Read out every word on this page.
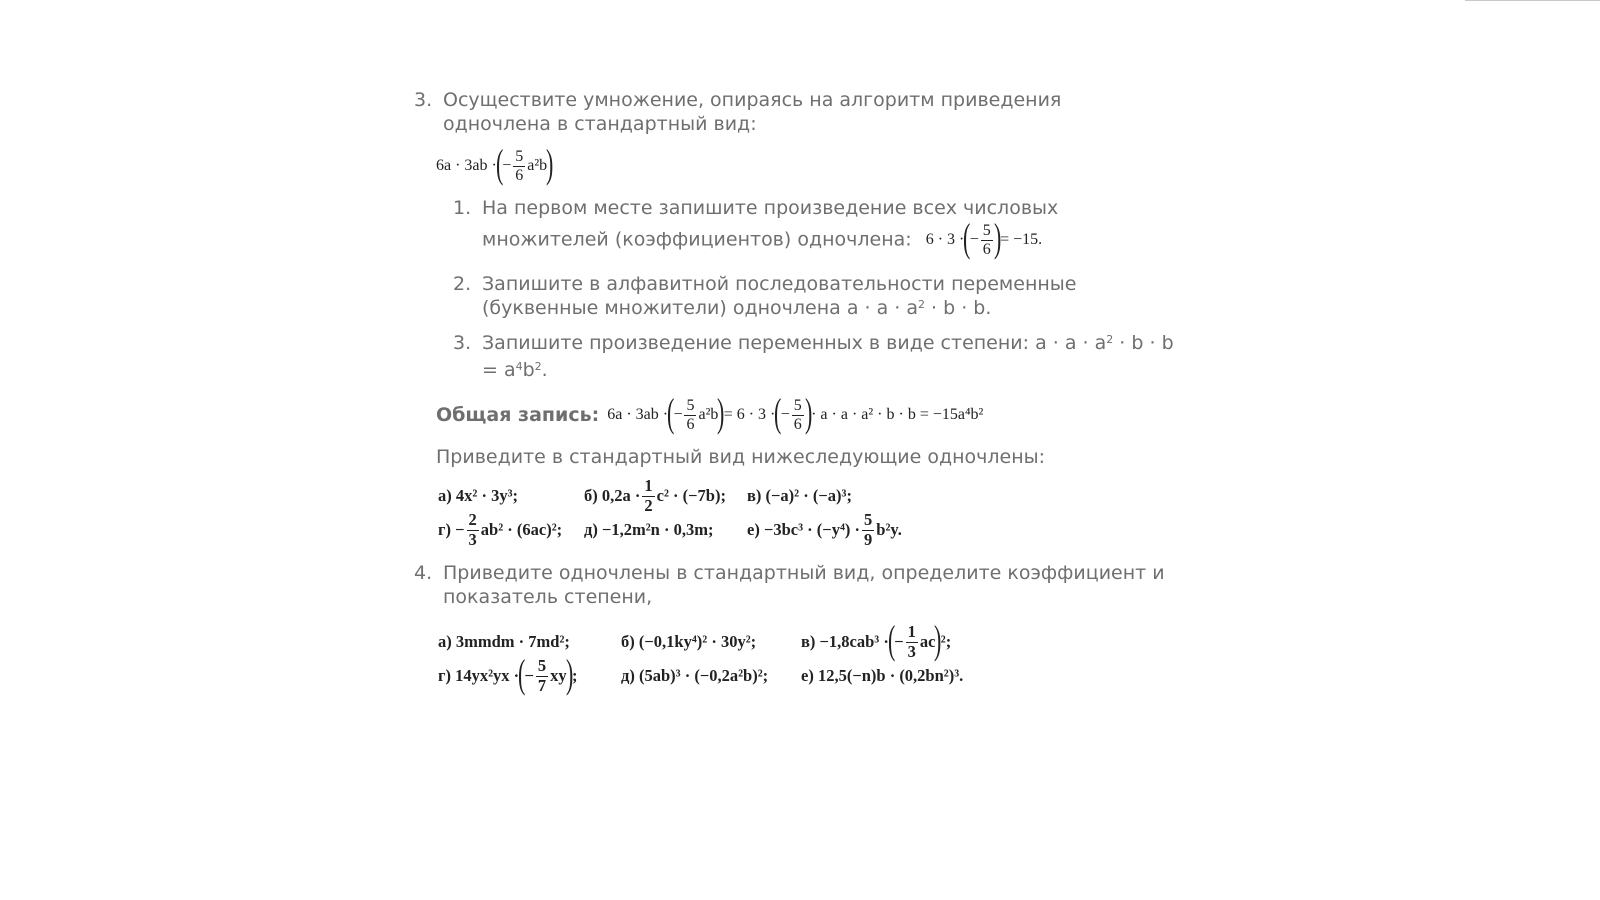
3. Осуществите умножение, опираясь на алгоритм приведения одночлена в стандартный вид:
6a · 3ab ·
(
− $\frac{5}{6} a^2b$
)
1. На первом месте запишите произведение всех числовых множителей (коэффициентов) одночлена: 6 · 3 ·
(
− $\frac{5}{6}$ )
= −15.
2. Запишите в алфавитной последовательности переменные (буквенные множители) одночлена $a \cdot a \cdot a^2 \cdot b \cdot b$.
3. Запишите произведение переменных в виде степени: $a \cdot a \cdot a^2 \cdot b \cdot b = a^4b^2$.
Общая запись: 6a · 3ab ·
(
− $\frac{5}{6} a^2b$
)
= 6 · 3 ·
(
− $\frac{5}{6}$ )
· a · a · a² · b · b = −15a⁴b²
Приведите в стандартный вид нижеследующие одночлены:
а) 4x² · 3y³;	б) $0,2a \cdot \frac{1}{2} c^2 \cdot (-7b)$; в) (−a)² · (−a)³;
$г) - \frac{2}{3} ab^2 \cdot (6ac)^2$; д) −1,2m²n · 0,3m;	$е) -3bc^3 \cdot (-y^4) \cdot \frac{5}{9} b^2y$.
4. Приведите одночлены в стандартный вид, определите коэффициент и показатель степени,
а) 3mmdm · 7md²;	б) (−0,1ky⁴)² · 30y²;	в) −1,8cab³ ·
(
− $\frac{1}{3}$ ac
)
²;
г) 14yx²yx ·
(
− $\frac{5}{7}$ xy
)
;	д) (5ab)³ · (−0,2a²b)²;	е) 12,5(−n)b · (0,2bn²)³.
